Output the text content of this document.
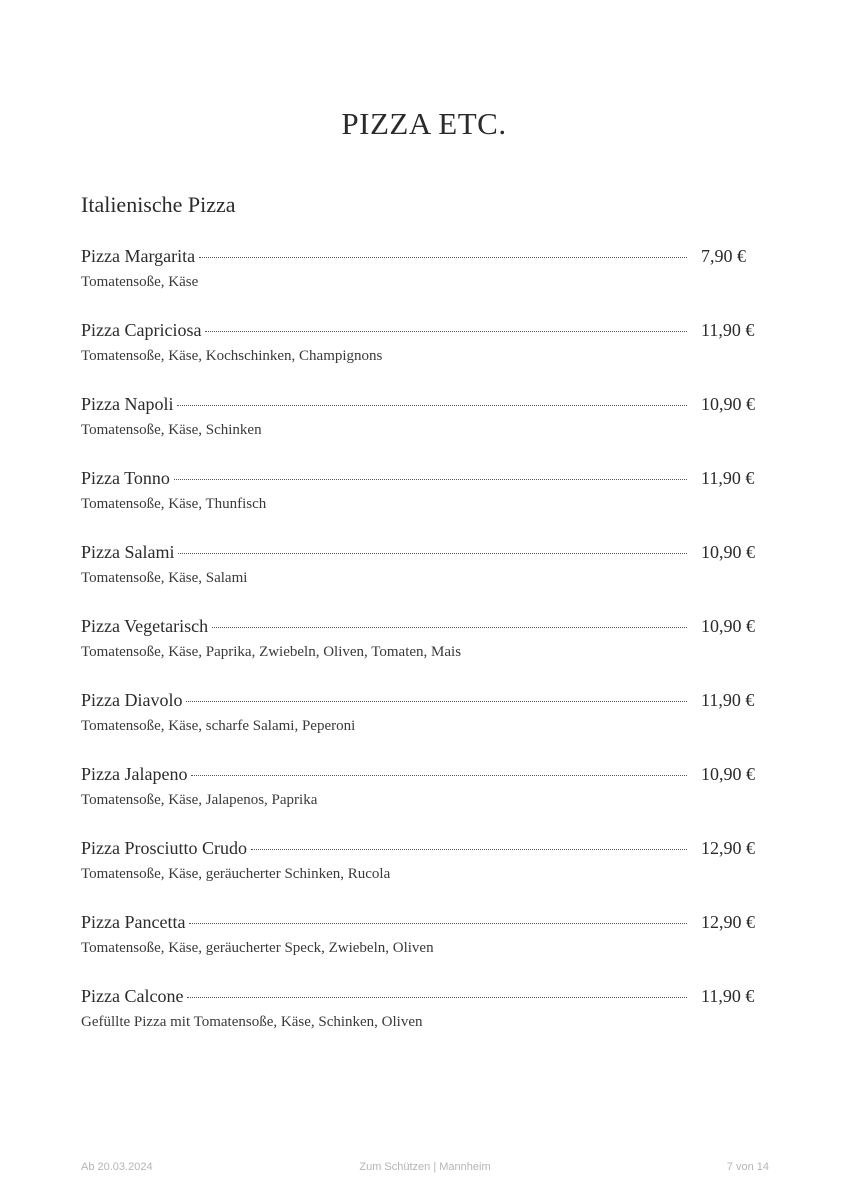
PIZZA ETC.
Italienische Pizza
Pizza Margarita	7,90 €
Tomatensoße, Käse
Pizza Capriciosa	11,90 €
Tomatensoße, Käse, Kochschinken, Champignons
Pizza Napoli	10,90 €
Tomatensoße, Käse, Schinken
Pizza Tonno	11,90 €
Tomatensoße, Käse, Thunfisch
Pizza Salami	10,90 €
Tomatensoße, Käse, Salami
Pizza Vegetarisch	10,90 €
Tomatensoße, Käse, Paprika, Zwiebeln, Oliven, Tomaten, Mais
Pizza Diavolo	11,90 €
Tomatensoße, Käse, scharfe Salami, Peperoni
Pizza Jalapeno	10,90 €
Tomatensoße, Käse, Jalapenos, Paprika
Pizza Prosciutto Crudo	12,90 €
Tomatensoße, Käse, geräucherter Schinken, Rucola
Pizza Pancetta	12,90 €
Tomatensoße, Käse, geräucherter Speck, Zwiebeln, Oliven
Pizza Calcone	11,90 €
Gefüllte Pizza mit Tomatensoße, Käse, Schinken, Oliven
Ab 20.03.2024	Zum Schützen | Mannheim	7 von 14
